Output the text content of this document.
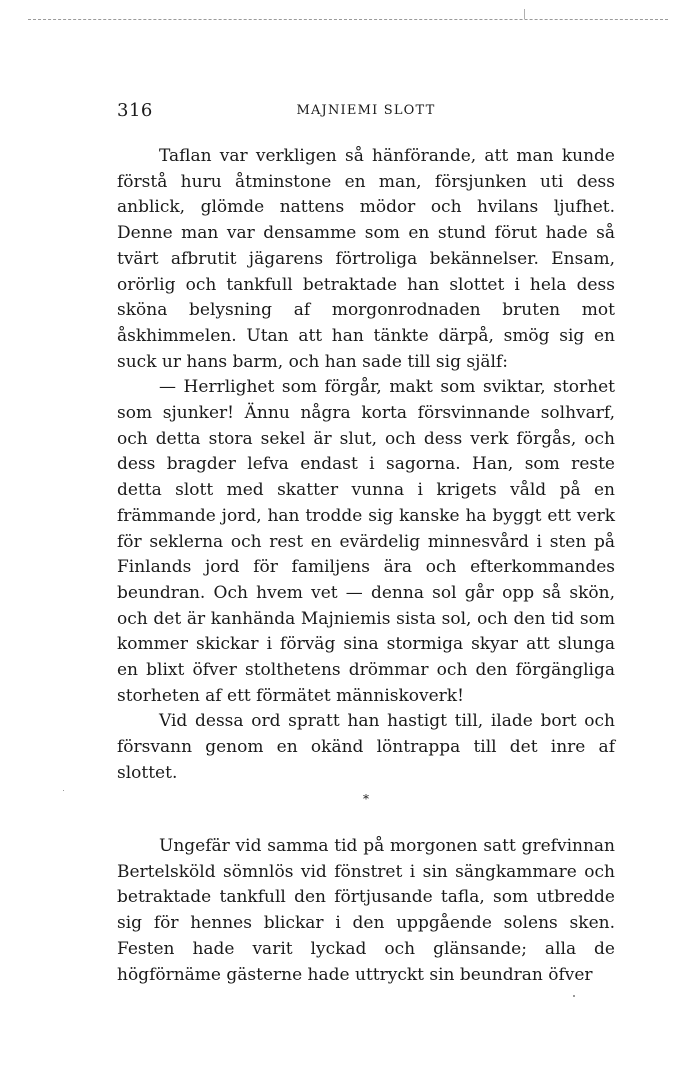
316	MAJNIEMI SLOTT

Taflan var verkligen så hänförande, att man kunde förstå huru åtminstone en man, försjunken uti dess anblick, glömde nattens mödor och hvilans ljufhet. Denne man var densamme som en stund förut hade så tvärt afbrutit jägarens förtroliga bekännelser. Ensam, orörlig och tankfull betraktade han slottet i hela dess sköna belysning af morgonrodnaden bruten mot åskhimmelen. Utan att han tänkte därpå, smög sig en suck ur hans barm, och han sade till sig själf:

— Herrlighet som förgår, makt som sviktar, storhet som sjunker! Ännu några korta försvinnande solhvarf, och detta stora sekel är slut, och dess verk förgås, och dess bragder lefva endast i sagorna. Han, som reste detta slott med skatter vunna i krigets våld på en främmande jord, han trodde sig kanske ha byggt ett verk för seklerna och rest en evärdelig minnesvård i sten på Finlands jord för familjens ära och efterkommandes beundran. Och hvem vet — denna sol går opp så skön, och det är kanhända Majniemis sista sol, och den tid som kommer skickar i förväg sina stormiga skyar att slunga en blixt öfver stolthetens drömmar och den förgängliga storheten af ett förmätet människoverk!

Vid dessa ord spratt han hastigt till, ilade bort och försvann genom en okänd löntrappa till det inre af slottet.

*

Ungefär vid samma tid på morgonen satt grefvinnan Bertelsköld sömnlös vid fönstret i sin sängkammare och betraktade tankfull den förtjusande tafla, som utbredde sig för hennes blickar i den uppgående solens sken. Festen hade varit lyckad och glänsande; alla de högförnäme gästerne hade uttryckt sin beundran öfver
